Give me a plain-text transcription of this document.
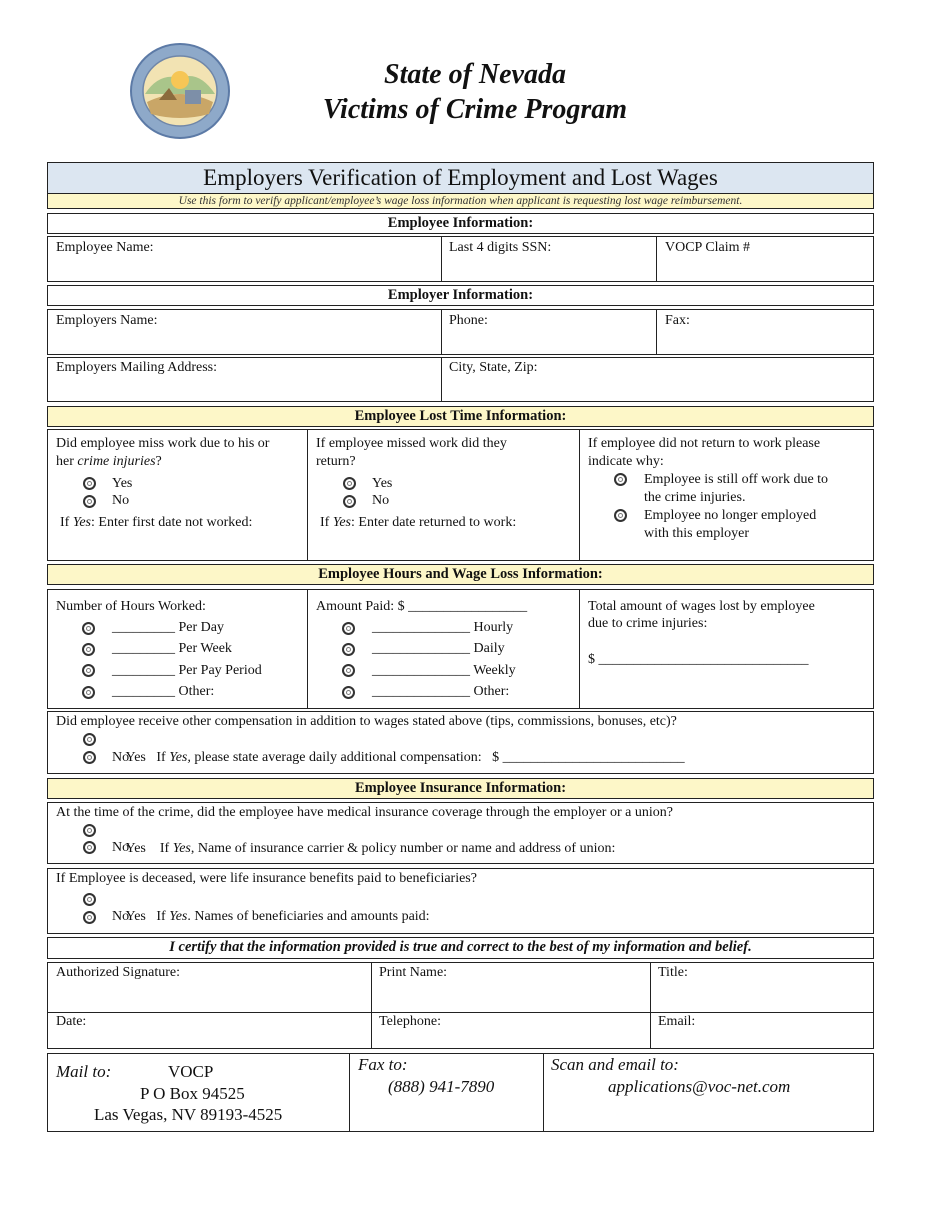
State of Nevada
Victims of Crime Program
Employers Verification of Employment and Lost Wages
Use this form to verify applicant/employee’s wage loss information when applicant is requesting lost wage reimbursement.
Employee Information:
Employee Name:	Last 4 digits SSN:	VOCP Claim #
Employer Information:
Employers Name:	Phone:	Fax:
Employers Mailing Address:	City, State, Zip:
Employee Lost Time Information:
Did employee miss work due to his or
her crime injuries?
Yes
No
If Yes: Enter first date not worked:
If employee missed work did they
return?
Yes
No
If Yes: Enter date returned to work:
If employee did not return to work please
indicate why:
Employee is still off work due to
the crime injuries.
Employee no longer employed
with this employer
Employee Hours and Wage Loss Information:
Number of Hours Worked:
_________ Per Day
_________ Per Week
_________ Per Pay Period
_________ Other:
Amount Paid: $ _________________
______________ Hourly
______________ Daily
______________ Weekly
______________ Other:
Total amount of wages lost by employee
due to crime injuries:
$ ______________________________
Did employee receive other compensation in addition to wages stated above (tips, commissions, bonuses, etc)?

Yes If Yes, please state average daily additional compensation:   $ __________________________

No
Employee Insurance Information:
At the time of the crime, did the employee have medical insurance coverage through the employer or a union?

Yes If Yes, Name of insurance carrier & policy number or name and address of union:

No
If Employee is deceased, were life insurance benefits paid to beneficiaries?

Yes If Yes. Names of beneficiaries and amounts paid:

No
I certify that the information provided is true and correct to the best of my information and belief.
Authorized Signature:	Print Name:	Title:
Date:	Telephone:	Email:
Mail to:	VOCP
P O Box 94525
Las Vegas, NV 89193-4525
Fax to:
(888) 941-7890
Scan and email to:
applications@voc-net.com
